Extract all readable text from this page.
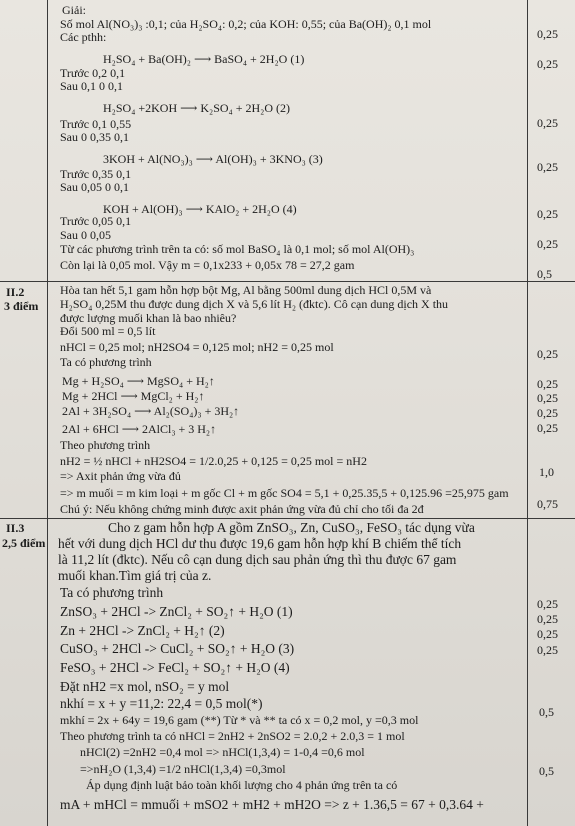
Giải:
Số mol Al(NO₃)₃ :0,1; của H₂SO₄: 0,2; của KOH: 0,55; của Ba(OH)₂ 0,1 mol
Các pthh:
H₂SO₄ + Ba(OH)₂ ⟶ BaSO₄ + 2H₂O (1)
Trước 0,2 0,1
Sau 0,1 0 0,1
H₂SO₄ +2KOH ⟶ K₂SO₄ + 2H₂O (2)
Trước 0,1 0,55
Sau 0 0,35 0,1
3KOH + Al(NO₃)₃ ⟶ Al(OH)₃ + 3KNO₃ (3)
Trước 0,35 0,1
Sau 0,05 0 0,1
KOH + Al(OH)₃ ⟶ KAlO₂ + 2H₂O (4)
Trước 0,05 0,1
Sau 0 0,05
Từ các phương trình trên ta có: số mol BaSO₄ là 0,1 mol; số mol Al(OH)₃
Còn lại là 0,05 mol. Vậy m = 0,1x233 + 0,05x 78 = 27,2 gam
0,25
0,25
0,25
0,25
0,25
0,25
0,5
II.2
3 điểm
Hòa tan hết 5,1 gam hỗn hợp bột Mg, Al bằng 500ml dung dịch HCl 0,5M và
H₂SO₄ 0,25M thu được dung dịch X và 5,6 lít H₂ (đktc). Cô cạn dung dịch X thu
được lượng muối khan là bao nhiêu?
Đổi 500 ml = 0,5 lít
nHCl = 0,25 mol; nH2SO4 = 0,125 mol; nH2 = 0,25 mol
Ta có phương trình
Mg + H₂SO₄ ⟶ MgSO₄ + H₂↑
Mg + 2HCl ⟶ MgCl₂ + H₂↑
2Al + 3H₂SO₄ ⟶ Al₂(SO₄)₃ + 3H₂↑
2Al + 6HCl ⟶ 2AlCl₃ + 3 H₂↑
Theo phương trình
nH2 = ½ nHCl + nH2SO4 = 1/2.0,25 + 0,125 = 0,25 mol = nH2
=> Axit phản ứng vừa đủ
=> m muối = m kim loại + m gốc Cl + m gốc SO4 = 5,1 + 0,25.35,5 + 0,125.96 =25,975 gam
Chú ý: Nếu không chứng minh được axit phản ứng vừa đủ chỉ cho tối đa 2đ
0,25
0,25
0,25
0,25
0,25
1,0
0,75
II.3
2,5 điểm
Cho z gam hỗn hợp A gồm ZnSO₃, Zn, CuSO₃, FeSO₃ tác dụng vừa
hết với dung dịch HCl dư thu được 19,6 gam hỗn hợp khí B chiếm thể tích
là 11,2 lít (đktc). Nếu cô cạn dung dịch sau phản ứng thì thu được 67 gam
muối khan.Tìm giá trị của z.
Ta có phương trình
ZnSO₃ + 2HCl -> ZnCl₂ + SO₂↑ + H₂O (1)
Zn + 2HCl -> ZnCl₂ + H₂↑ (2)
CuSO₃ + 2HCl -> CuCl₂ + SO₂↑ + H₂O (3)
FeSO₃ + 2HCl -> FeCl₂ + SO₂↑ + H₂O (4)
Đặt nH2 =x mol, nSO₂ = y mol
nkhí = x + y =11,2: 22,4 = 0,5 mol(*)
mkhí = 2x + 64y = 19,6 gam (**) Từ * và ** ta có x = 0,2 mol, y =0,3 mol
Theo phương trình ta có nHCl = 2nH2 + 2nSO2 = 2.0,2 + 2.0,3 = 1 mol
nHCl(2) =2nH2 =0,4 mol => nHCl(1,3,4) = 1-0,4 =0,6 mol
=>nH₂O (1,3,4) =1/2 nHCl(1,3,4) =0,3mol
Áp dụng định luật bảo toàn khối lượng cho 4 phản ứng trên ta có
mA + mHCl = mmuối + mSO2 + mH2 + mH2O => z + 1.36,5 = 67 + 0,3.64 +
0,25
0,25
0,25
0,25
0,5
0,5
